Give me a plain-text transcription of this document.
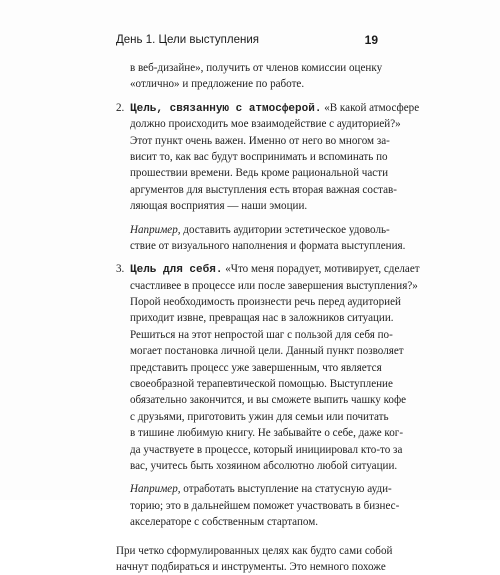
День 1. Цели выступления	19
в веб-дизайне», получить от членов комиссии оценку
«отлично» и предложение по работе.
2. Цель, связанную с атмосферой. «В какой атмосфере
должно происходить мое взаимодействие с аудиторией?»
Этот пункт очень важен. Именно от него во многом за-
висит то, как вас будут воспринимать и вспоминать по
прошествии времени. Ведь кроме рациональной части
аргументов для выступления есть вторая важная состав-
ляющая восприятия — наши эмоции.
Например, доставить аудитории эстетическое удоволь-
ствие от визуального наполнения и формата выступления.
3. Цель для себя. «Что меня порадует, мотивирует, сделает
счастливее в процессе или после завершения выступления?»
Порой необходимость произнести речь перед аудиторией
приходит извне, превращая нас в заложников ситуации.
Решиться на этот непростой шаг с пользой для себя по-
могает постановка личной цели. Данный пункт позволяет
представить процесс уже завершенным, что является
своеобразной терапевтической помощью. Выступление
обязательно закончится, и вы сможете выпить чашку кофе
с друзьями, приготовить ужин для семьи или почитать
в тишине любимую книгу. Не забывайте о себе, даже ког-
да участвуете в процессе, который инициировал кто-то за
вас, учитесь быть хозяином абсолютно любой ситуации.
Например, отработать выступление на статусную ауди-
торию; это в дальнейшем поможет участвовать в бизнес-
акселераторе с собственным стартапом.
При четко сформулированных целях как будто сами собой
начнут подбираться и инструменты. Это немного похоже
